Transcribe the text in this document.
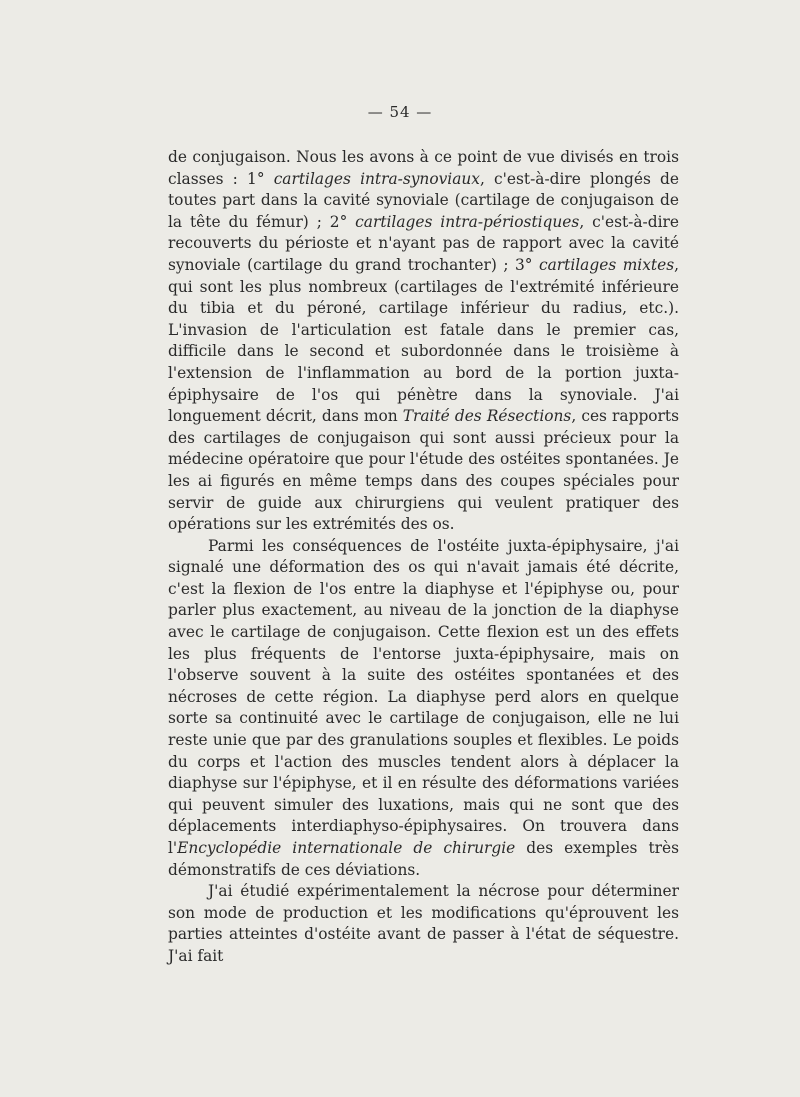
— 54 —

de conjugaison. Nous les avons à ce point de vue divisés en trois classes : 1° cartilages intra-synoviaux, c'est-à-dire plongés de toutes part dans la cavité synoviale (cartilage de conjugaison de la tête du fémur) ; 2° cartilages intra-périostiques, c'est-à-dire recouverts du périoste et n'ayant pas de rapport avec la cavité synoviale (cartilage du grand trochanter) ; 3° cartilages mixtes, qui sont les plus nombreux (cartilages de l'extrémité inférieure du tibia et du péroné, cartilage inférieur du radius, etc.). L'invasion de l'articulation est fatale dans le premier cas, difficile dans le second et subordonnée dans le troisième à l'extension de l'inflammation au bord de la portion juxta-épiphysaire de l'os qui pénètre dans la synoviale. J'ai longuement décrit, dans mon Traité des Résections, ces rapports des cartilages de conjugaison qui sont aussi précieux pour la médecine opératoire que pour l'étude des ostéites spontanées. Je les ai figurés en même temps dans des coupes spéciales pour servir de guide aux chirurgiens qui veulent pratiquer des opérations sur les extrémités des os.

Parmi les conséquences de l'ostéite juxta-épiphysaire, j'ai signalé une déformation des os qui n'avait jamais été décrite, c'est la flexion de l'os entre la diaphyse et l'épiphyse ou, pour parler plus exactement, au niveau de la jonction de la diaphyse avec le cartilage de conjugaison. Cette flexion est un des effets les plus fréquents de l'entorse juxta-épiphysaire, mais on l'observe souvent à la suite des ostéites spontanées et des nécroses de cette région. La diaphyse perd alors en quelque sorte sa continuité avec le cartilage de conjugaison, elle ne lui reste unie que par des granulations souples et flexibles. Le poids du corps et l'action des muscles tendent alors à déplacer la diaphyse sur l'épiphyse, et il en résulte des déformations variées qui peuvent simuler des luxations, mais qui ne sont que des déplacements interdiaphyso-épiphysaires. On trouvera dans l'Encyclopédie internationale de chirurgie des exemples très démonstratifs de ces déviations.

J'ai étudié expérimentalement la nécrose pour déterminer son mode de production et les modifications qu'éprouvent les parties atteintes d'ostéite avant de passer à l'état de séquestre. J'ai fait
